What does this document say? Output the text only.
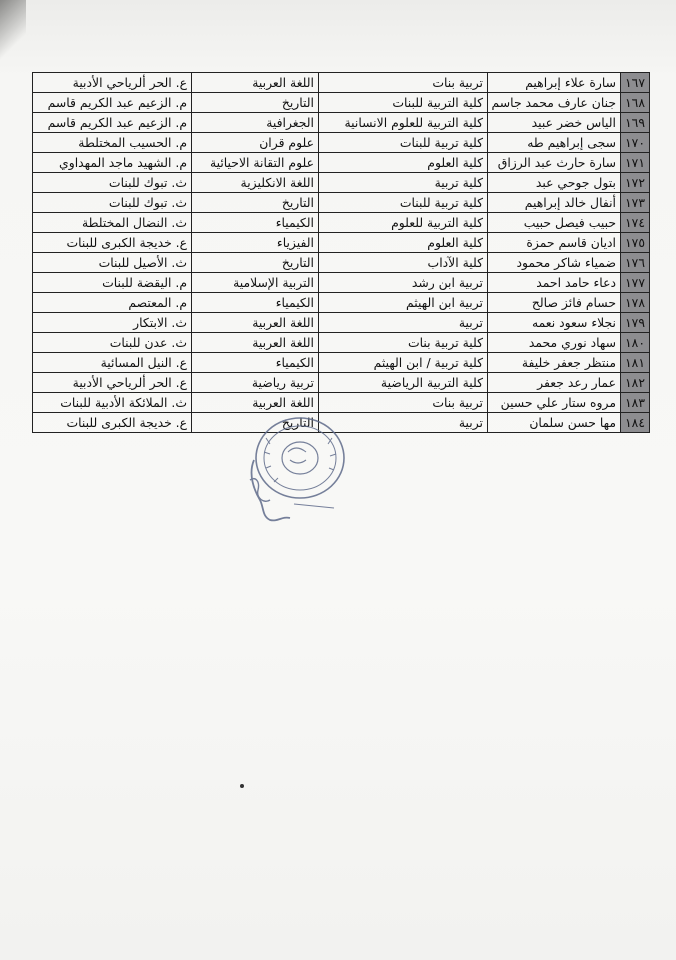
١٦٧	سارة علاء إبراهيم	تربية بنات	اللغة العربية	ع. الحر ألرياحي الأدبية
١٦٨	جنان عارف محمد جاسم	كلية التربية للبنات	التاريخ	م. الزعيم عبد الكريم قاسم
١٦٩	الياس خضر عبيد	كلية التربية للعلوم الانسانية	الجغرافية	م. الزعيم عبد الكريم قاسم
١٧٠	سجى إبراهيم طه	كلية تربية للبنات	علوم قران	م. الحسيب المختلطة
١٧١	سارة حارث عبد الرزاق	كلية العلوم	علوم التقانة الاحيائية	م. الشهيد ماجد المهداوي
١٧٢	بتول جوحي عبد	كلية تربية	اللغة الانكليزية	ث. تبوك للبنات
١٧٣	أنفال خالد إبراهيم	كلية تربية للبنات	التاريخ	ث. تبوك للبنات
١٧٤	حبيب فيصل حبيب	كلية التربية للعلوم	الكيمياء	ث. النضال المختلطة
١٧٥	اديان قاسم حمزة	كلية العلوم	الفيزياء	ع. خديجة الكبرى للبنات
١٧٦	ضمياء شاكر محمود	كلية الآداب	التاريخ	ث. الأصيل للبنات
١٧٧	دعاء حامد احمد	تربية ابن رشد	التربية الإسلامية	م. اليقضة للبنات
١٧٨	حسام فائز صالح	تربية ابن الهيثم	الكيمياء	م. المعتصم
١٧٩	نجلاء سعود نعمه	تربية	اللغة العربية	ث. الابتكار
١٨٠	سهاد نوري محمد	كلية تربية بنات	اللغة العربية	ث. عدن للبنات
١٨١	منتظر جعفر خليفة	كلية تربية / ابن الهيثم	الكيمياء	ع. النيل المسائية
١٨٢	عمار رعد جعفر	كلية التربية الرياضية	تربية رياضية	ع. الحر ألرياحي الأدبية
١٨٣	مروه ستار علي حسين	تربية بنات	اللغة العربية	ث. الملائكة الأدبية للبنات
١٨٤	مها حسن سلمان	تربية	التاريخ	ع. خديجة الكبرى للبنات
